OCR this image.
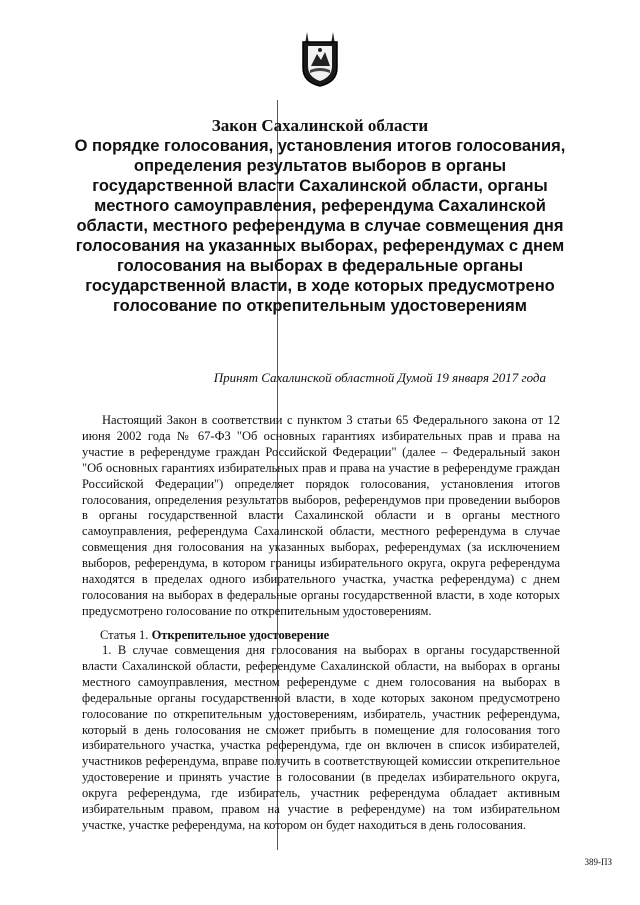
Закон Сахалинской области
О порядке голосования, установления итогов голосования, определения результатов выборов в органы государственной власти Сахалинской области, органы местного самоуправления, референдума Сахалинской области, местного референдума в случае совмещения дня голосования на указанных выборах, референдумах с днем голосования на выборах в федеральные органы государственной власти, в ходе которых предусмотрено голосование по открепительным удостоверениям
Принят Сахалинской областной Думой 19 января 2017 года

Настоящий Закон в соответствии с пунктом 3 статьи 65 Федерального закона от 12 июня 2002 года № 67-ФЗ "Об основных гарантиях избирательных прав и права на участие в референдуме граждан Российской Федерации" (далее – Федеральный закон "Об основных гарантиях избирательных прав и права на участие в референдуме граждан Российской Федерации") определяет порядок голосования, установления итогов голосования, определения результатов выборов, референдумов при проведении выборов в органы государственной власти Сахалинской области и в органы местного самоуправления, референдума Сахалинской области, местного референдума в случае совмещения дня голосования на указанных выборах, референдумах (за исключением выборов, референдума, в котором границы избирательного округа, округа референдума находятся в пределах одного избирательного участка, участка референдума) с днем голосования на выборах в федеральные органы государственной власти, в ходе которых предусмотрено голосование по открепительным удостоверениям.

Статья 1. Открепительное удостоверение

1. В случае совмещения дня голосования на выборах в органы государственной власти Сахалинской области, референдуме Сахалинской области, на выборах в органы местного самоуправления, местном референдуме с днем голосования на выборах в федеральные органы государственной власти, в ходе которых законом предусмотрено голосование по открепительным удостоверениям, избиратель, участник референдума, который в день голосования не сможет прибыть в помещение для голосования того избирательного участка, участка референдума, где он включен в список избирателей, участников референдума, вправе получить в соответствующей комиссии открепительное удостоверение и принять участие в голосовании (в пределах избирательного округа, округа референдума, где избиратель, участник референдума обладает активным избирательным правом, правом на участие в референдуме) на том избирательном участке, участке референдума, на котором он будет находиться в день голосования.

389-ПЗ
